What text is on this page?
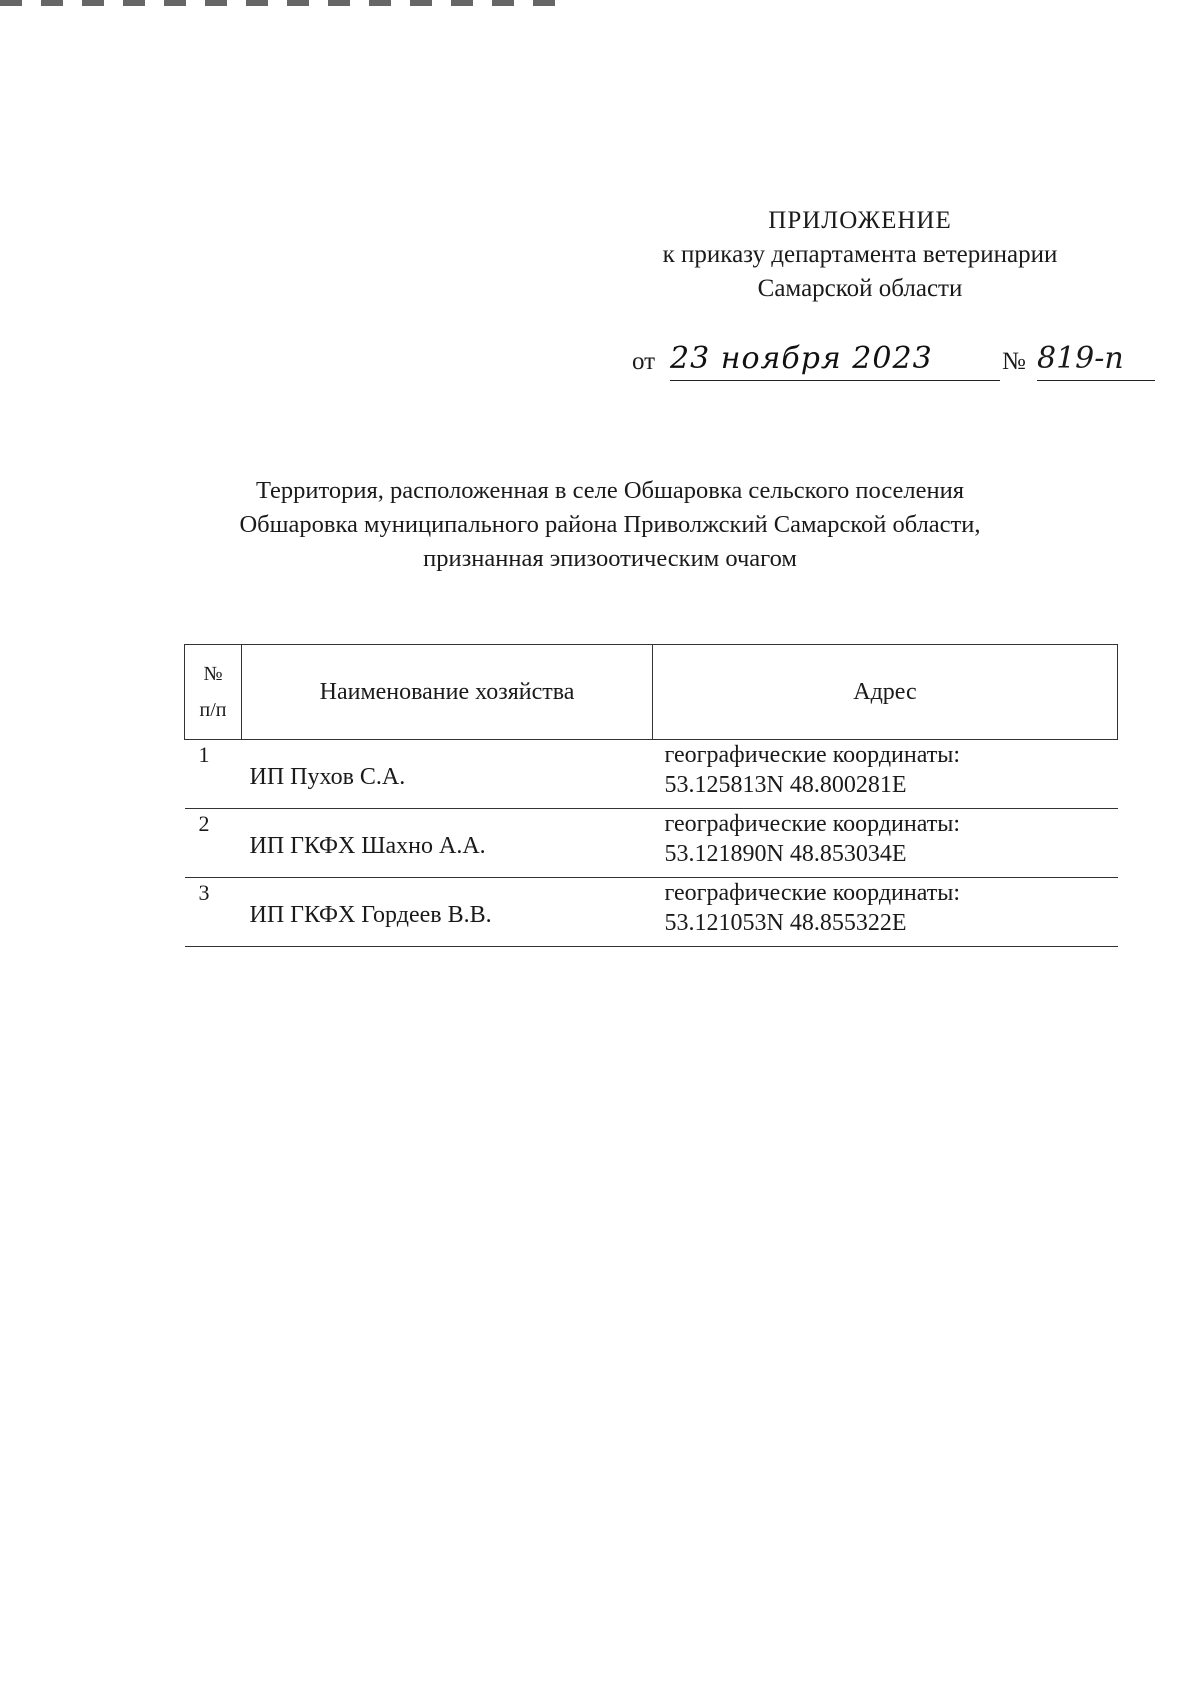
ПРИЛОЖЕНИЕ
к приказу департамента ветеринарии
Самарской области
от 23 ноября 2023	№ 819-п
Территория, расположенная в селе Обшаровка сельского поселения
Обшаровка муниципального района Приволжский Самарской области,
признанная эпизоотическим очагом
№
п/п	Наименование хозяйства	Адрес
1	ИП Пухов С.А.	географические координаты:
53.125813N 48.800281E

2	ИП ГКФХ Шахно А.А.	географические координаты:
53.121890N 48.853034E

3	ИП ГКФХ Гордеев В.В.	географические координаты:
53.121053N 48.855322E
